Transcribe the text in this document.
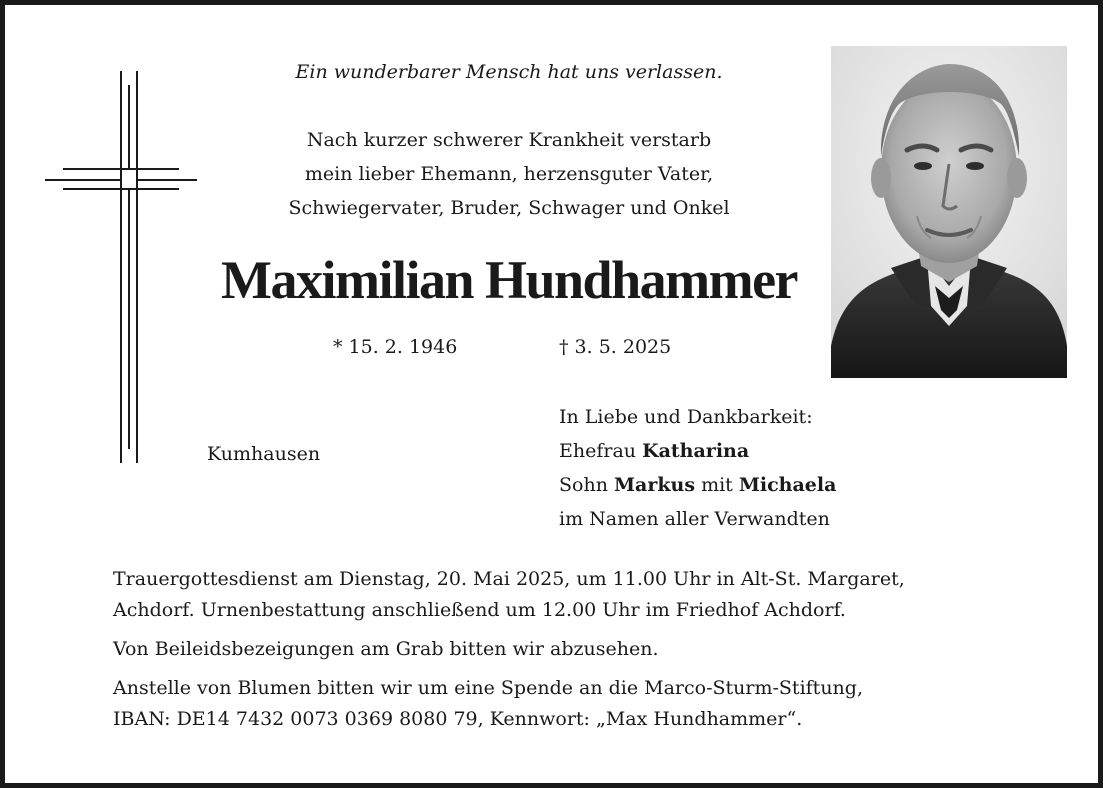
Ein wunderbarer Mensch hat uns verlassen.
Nach kurzer schwerer Krankheit verstarb
mein lieber Ehemann, herzensguter Vater,
Schwiegervater, Bruder, Schwager und Onkel
Maximilian Hundhammer
* 15. 2. 1946	† 3. 5. 2025
Kumhausen
In Liebe und Dankbarkeit:
Ehefrau Katharina
Sohn Markus mit Michaela
im Namen aller Verwandten

Trauergottesdienst am Dienstag, 20. Mai 2025, um 11.00 Uhr in Alt-St. Margaret,
Achdorf. Urnenbestattung anschließend um 12.00 Uhr im Friedhof Achdorf.

Von Beileidsbezeigungen am Grab bitten wir abzusehen.

Anstelle von Blumen bitten wir um eine Spende an die Marco-Sturm-Stiftung,
IBAN: DE14 7432 0073 0369 8080 79, Kennwort: „Max Hundhammer“.
